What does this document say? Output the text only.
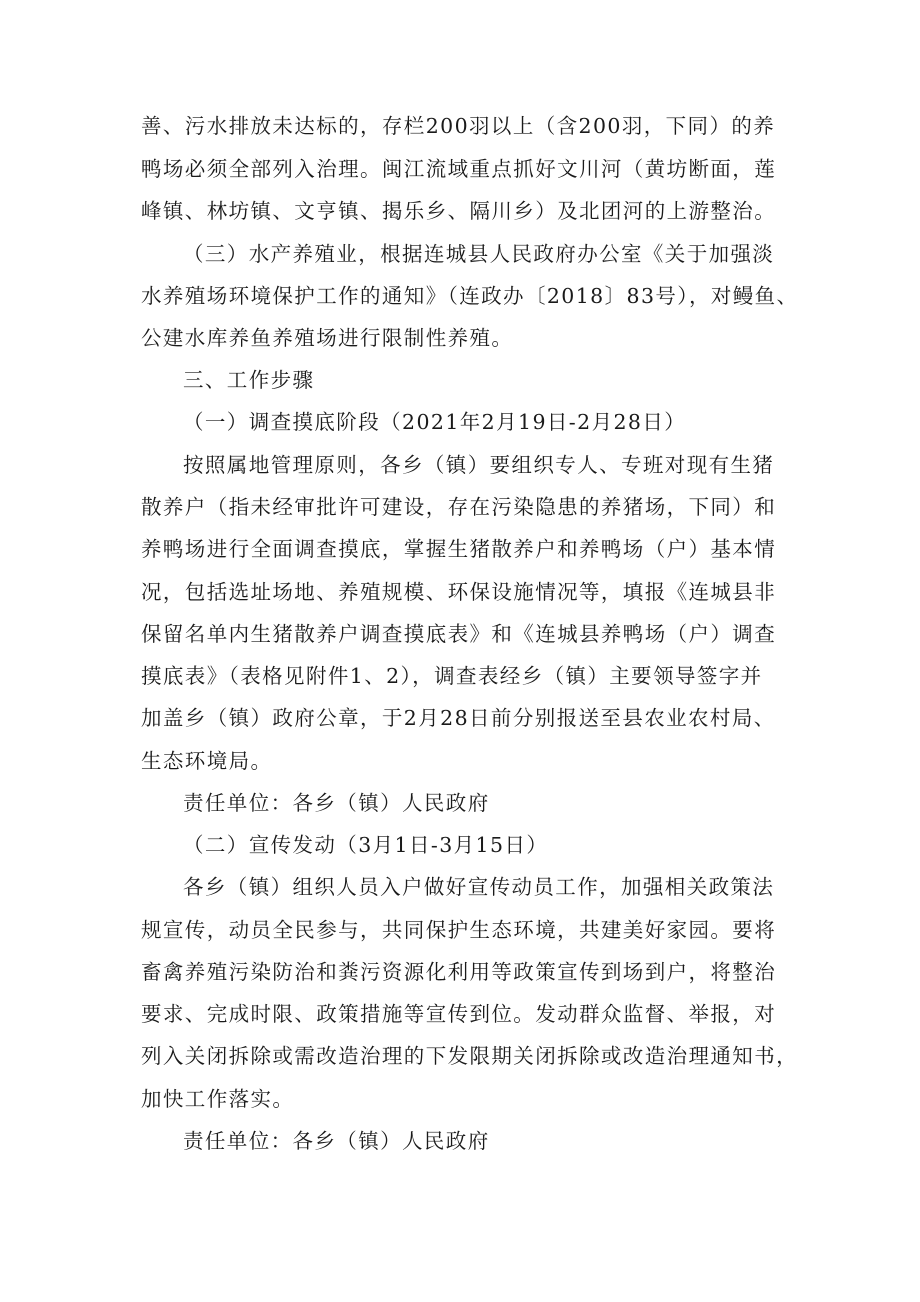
善、污水排放未达标的，存栏200羽以上（含200羽，下同）的养
鸭场必须全部列入治理。闽江流域重点抓好文川河（黄坊断面，莲
峰镇、林坊镇、文亨镇、揭乐乡、隔川乡）及北团河的上游整治。
（三）水产养殖业，根据连城县人民政府办公室《关于加强淡
水养殖场环境保护工作的通知》（连政办〔2018〕83号），对鳗鱼、
公建水库养鱼养殖场进行限制性养殖。
三、工作步骤
（一）调查摸底阶段（2021年2月19日-2月28日）
按照属地管理原则，各乡（镇）要组织专人、专班对现有生猪
散养户（指未经审批许可建设，存在污染隐患的养猪场，下同）和
养鸭场进行全面调查摸底，掌握生猪散养户和养鸭场（户）基本情
况，包括选址场地、养殖规模、环保设施情况等，填报《连城县非
保留名单内生猪散养户调查摸底表》和《连城县养鸭场（户）调查
摸底表》（表格见附件1、2），调查表经乡（镇）主要领导签字并
加盖乡（镇）政府公章，于2月28日前分别报送至县农业农村局、
生态环境局。
责任单位：各乡（镇）人民政府
（二）宣传发动（3月1日-3月15日）
各乡（镇）组织人员入户做好宣传动员工作，加强相关政策法
规宣传，动员全民参与，共同保护生态环境，共建美好家园。要将
畜禽养殖污染防治和粪污资源化利用等政策宣传到场到户，将整治
要求、完成时限、政策措施等宣传到位。发动群众监督、举报，对
列入关闭拆除或需改造治理的下发限期关闭拆除或改造治理通知书，
加快工作落实。
责任单位：各乡（镇）人民政府
